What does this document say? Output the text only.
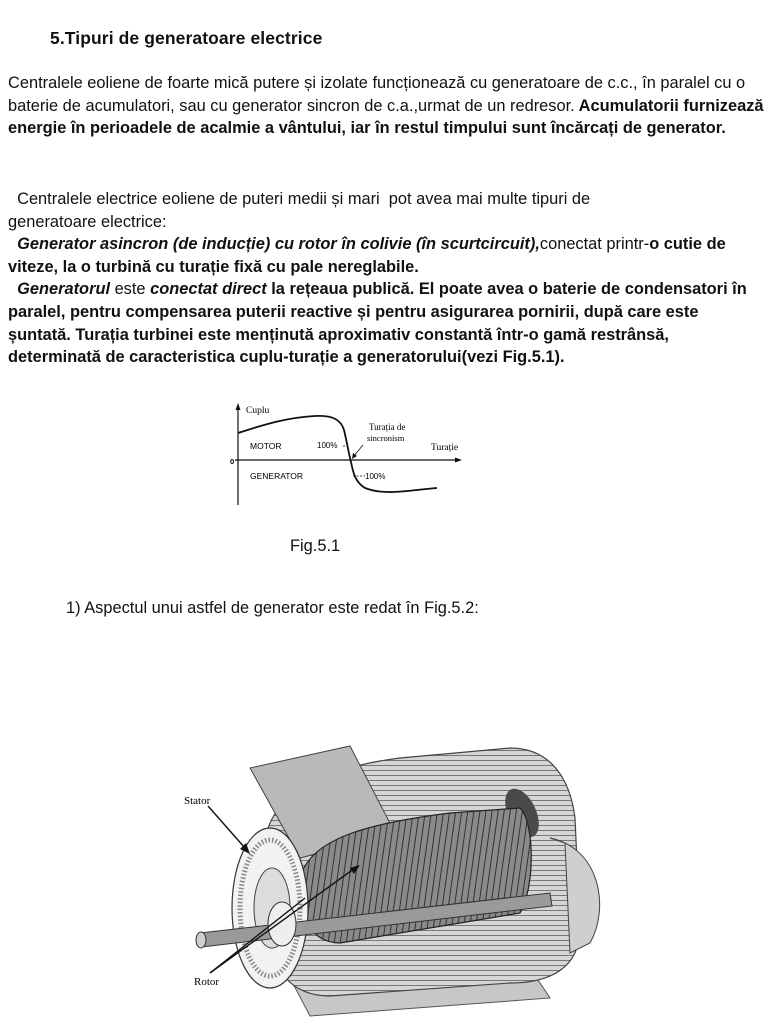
5.Tipuri de generatoare electrice
Centralele eoliene de foarte mică putere și izolate funcționează cu generatoare de c.c., în paralel cu o baterie de acumulatori, sau cu generator sincron de c.a.,urmat de un redresor. Acumulatorii furnizează energie în perioadele de acalmie a vântului, iar în restul timpului sunt încărcați de generator.
Centralele electrice eoliene de puteri medii și mari  pot avea mai multe tipuri de
generatoare electrice:
Generator asincron (de inducție) cu rotor în colivie (în scurtcircuit),conectat printr-o cutie de viteze, la o turbină cu turație fixă cu pale nereglabile.
Generatorul este conectat direct la rețeaua publică. El poate avea o baterie de condensatori în paralel, pentru compensarea puterii reactive și pentru asigurarea pornirii, după care este șuntată. Turația turbinei este menținută aproximativ constantă într-o gamă restrânsă, determinată de caracteristica cuplu-turație a generatorului(vezi Fig.5.1).
Cuplu
Turație
0
MOTOR
GENERATOR
100%
100%
Turația de
sincronism
Fig.5.1
1) Aspectul unui astfel de generator este redat în Fig.5.2:
Stator
Rotor
